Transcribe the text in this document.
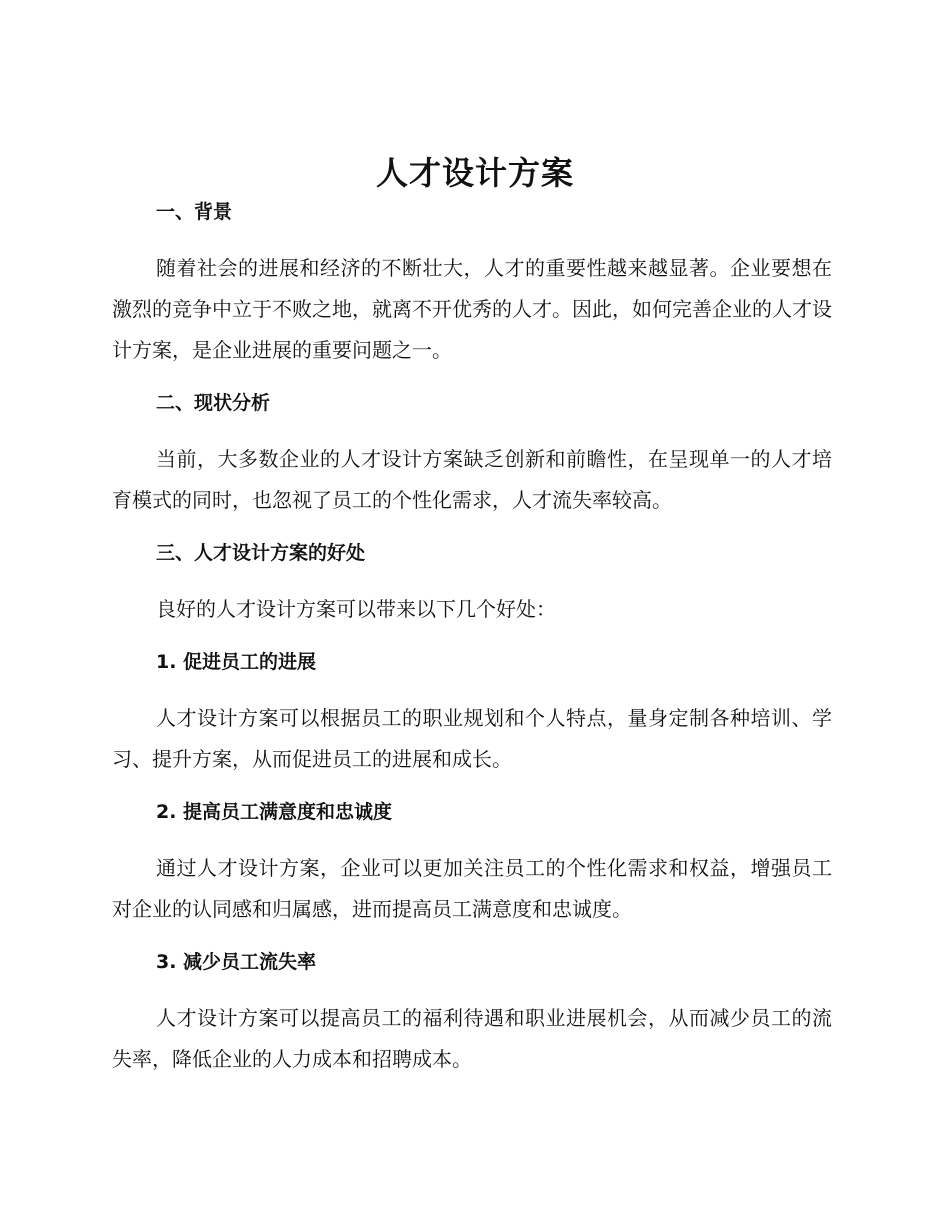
人才设计方案
一、背景

随着社会的进展和经济的不断壮大，人才的重要性越来越显著。企业要想在激烈的竞争中立于不败之地，就离不开优秀的人才。因此，如何完善企业的人才设计方案，是企业进展的重要问题之一。

二、现状分析

当前，大多数企业的人才设计方案缺乏创新和前瞻性，在呈现单一的人才培育模式的同时，也忽视了员工的个性化需求，人才流失率较高。

三、人才设计方案的好处

良好的人才设计方案可以带来以下几个好处：

1. 促进员工的进展

人才设计方案可以根据员工的职业规划和个人特点，量身定制各种培训、学习、提升方案，从而促进员工的进展和成长。

2. 提高员工满意度和忠诚度

通过人才设计方案，企业可以更加关注员工的个性化需求和权益，增强员工对企业的认同感和归属感，进而提高员工满意度和忠诚度。

3. 减少员工流失率

人才设计方案可以提高员工的福利待遇和职业进展机会，从而减少员工的流失率，降低企业的人力成本和招聘成本。
